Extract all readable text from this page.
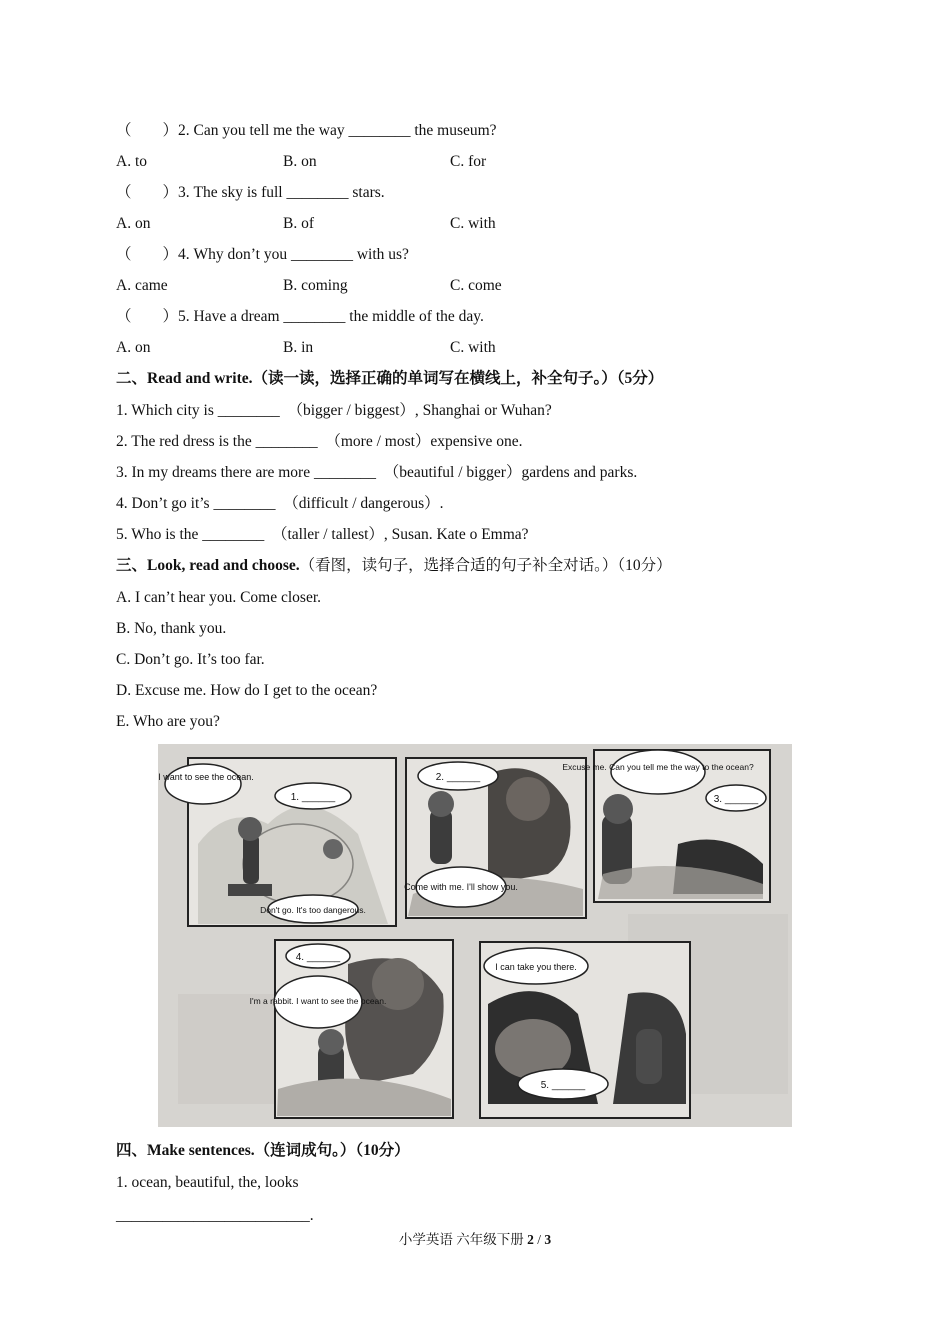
（        ）2. Can you tell me the way ________ the museum?
A. to	B. on	C. for
（        ）3. The sky is full ________ stars.
A. on	B. of	C. with
（        ）4. Why don’t you ________ with us?
A. came	B. coming	C. come
（        ）5. Have a dream ________ the middle of the day.
A. on	B. in	C. with
二、Read and write.（读一读，选择正确的单词写在横线上，补全句子。）（5分）
1. Which city is ________  （bigger / biggest）, Shanghai or Wuhan?
2. The red dress is the ________  （more / most）expensive one.
3. In my dreams there are more ________  （beautiful / bigger）gardens and parks.
4. Don’t go it’s ________  （difficult / dangerous）.
5. Who is the ________  （taller / tallest）, Susan. Kate o Emma?
三、Look, read and choose.（看图，读句子，选择合适的句子补全对话。）（10分）
A. I can’t hear you. Come closer.
B. No, thank you.
C. Don’t go. It’s too far.
D. Excuse me. How do I get to the ocean?
E. Who are you?
I want to see the ocean.
1. ______
Don't go. It's too dangerous.
2. ______
Come with me. I'll show you.
Excuse me. Can you tell me the way to the ocean?
3. ______
4. ______
I'm a rabbit. I want to see the ocean.
I can take you there.
5. ______
四、Make sentences.（连词成句。）（10分）
1. ocean, beautiful, the, looks
_________________________.
小学英语 六年级下册 2 / 3
